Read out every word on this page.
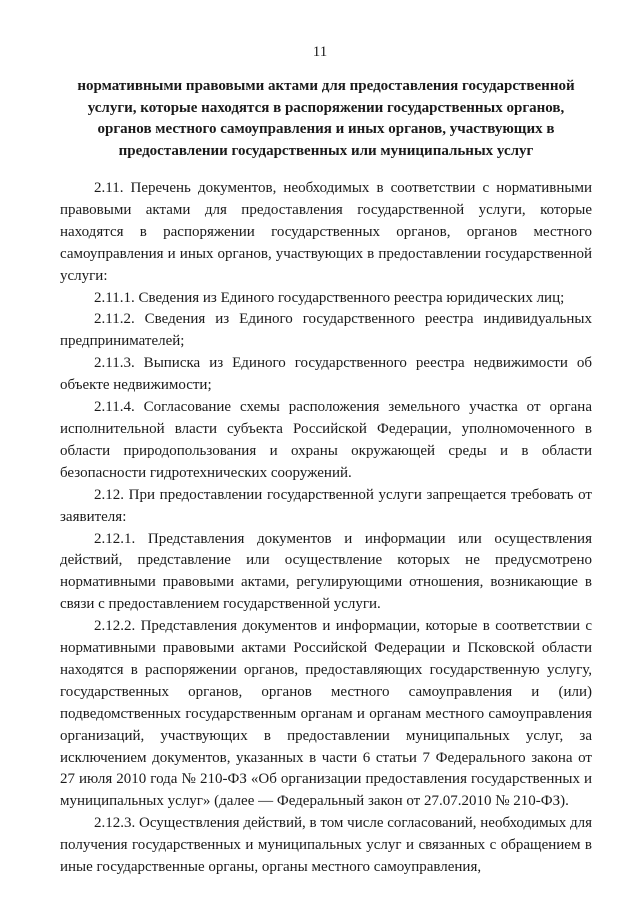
11
нормативными правовыми актами для предоставления государственной услуги, которые находятся в распоряжении государственных органов, органов местного самоуправления и иных органов, участвующих в предоставлении государственных или муниципальных услуг

2.11. Перечень документов, необходимых в соответствии с нормативными правовыми актами для предоставления государственной услуги, которые находятся в распоряжении государственных органов, органов местного самоуправления и иных органов, участвующих в предоставлении государственной услуги:

2.11.1. Сведения из Единого государственного реестра юридических лиц;

2.11.2. Сведения из Единого государственного реестра индивидуальных предпринимателей;

2.11.3. Выписка из Единого государственного реестра недвижимости об объекте недвижимости;

2.11.4. Согласование схемы расположения земельного участка от органа исполнительной власти субъекта Российской Федерации, уполномоченного в области природопользования и охраны окружающей среды и в области безопасности гидротехнических сооружений.

2.12. При предоставлении государственной услуги запрещается требовать от заявителя:

2.12.1. Представления документов и информации или осуществления действий, представление или осуществление которых не предусмотрено нормативными правовыми актами, регулирующими отношения, возникающие в связи с предоставлением государственной услуги.

2.12.2. Представления документов и информации, которые в соответствии с нормативными правовыми актами Российской Федерации и Псковской области находятся в распоряжении органов, предоставляющих государственную услугу, государственных органов, органов местного самоуправления и (или) подведомственных государственным органам и органам местного самоуправления организаций, участвующих в предоставлении муниципальных услуг, за исключением документов, указанных в части 6 статьи 7 Федерального закона от 27 июля 2010 года № 210-ФЗ «Об организации предоставления государственных и муниципальных услуг» (далее — Федеральный закон от 27.07.2010 № 210-ФЗ).

2.12.3. Осуществления действий, в том числе согласований, необходимых для получения государственных и муниципальных услуг и связанных с обращением в иные государственные органы, органы местного самоуправления,
